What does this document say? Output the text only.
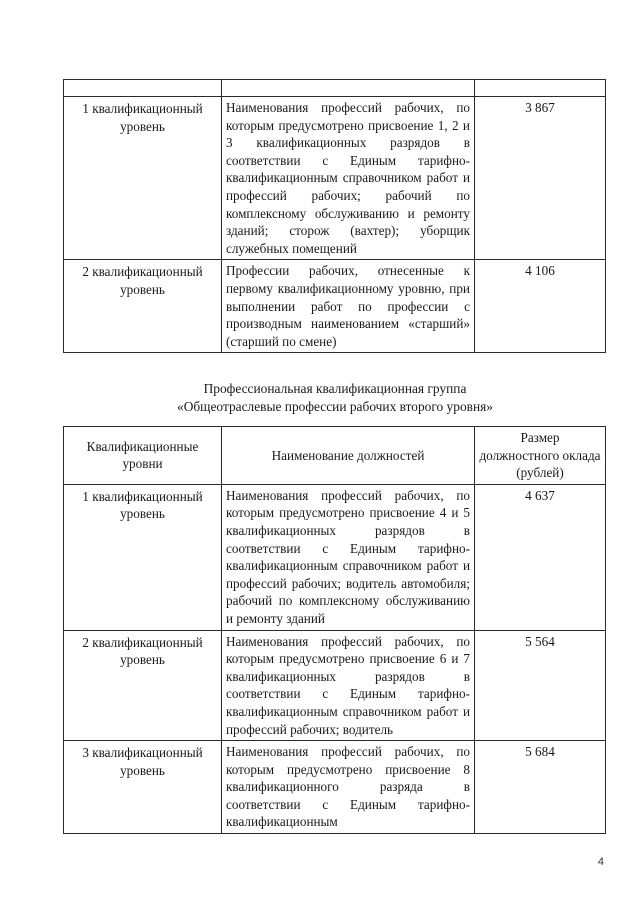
1 квалификационный уровень	Наименования профессий рабочих, по которым предусмотрено присвоение 1, 2 и 3 квалификационных разрядов в соответствии с Единым тарифно-квалификационным справочником работ и профессий рабочих; рабочий по комплексному обслуживанию и ремонту зданий; сторож (вахтер); уборщик служебных помещений	3 867
2 квалификационный уровень	Профессии рабочих, отнесенные к первому квалификационному уровню, при выполнении работ по профессии с производным наименованием «старший» (старший по смене)	4 106
Профессиональная квалификационная группа
«Общеотраслевые профессии рабочих второго уровня»
Квалификационные уровни	Наименование должностей	Размер должностного оклада (рублей)
1 квалификационный уровень	Наименования профессий рабочих, по которым предусмотрено присвоение 4 и 5 квалификационных разрядов в соответствии с Единым тарифно-квалификационным справочником работ и профессий рабочих; водитель автомобиля; рабочий по комплексному обслуживанию и ремонту зданий	4 637
2 квалификационный уровень	Наименования профессий рабочих, по которым предусмотрено присвоение 6 и 7 квалификационных разрядов в соответствии с Единым тарифно-квалификационным справочником работ и профессий рабочих; водитель	5 564
3 квалификационный уровень	Наименования профессий рабочих, по которым предусмотрено присвоение 8 квалификационного разряда в соответствии с Единым тарифно-квалификационным	5 684
4
